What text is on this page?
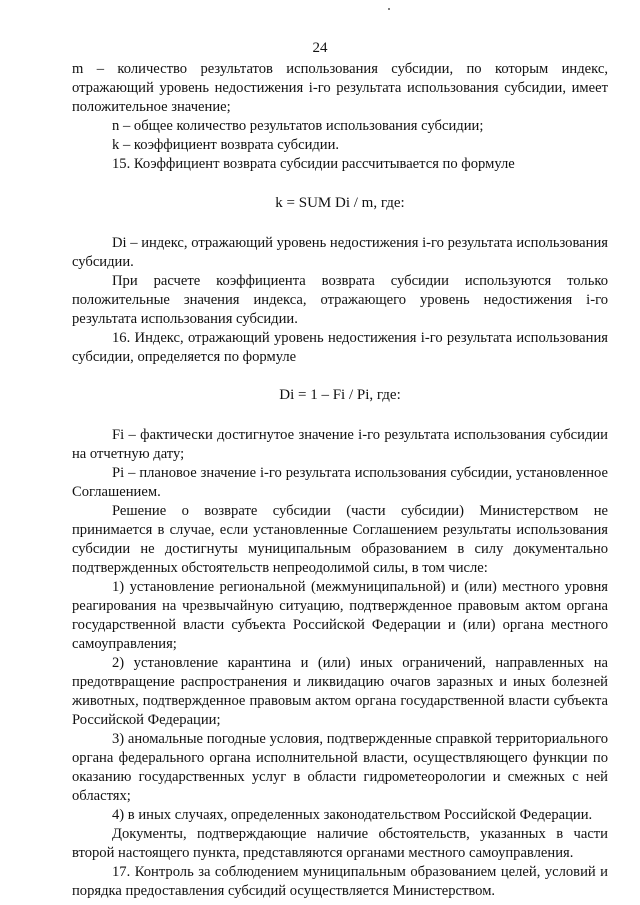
24

m – количество результатов использования субсидии, по которым индекс, отражающий уровень недостижения i-го результата использования субсидии, имеет положительное значение;

n – общее количество результатов использования субсидии;

k – коэффициент возврата субсидии.

15. Коэффициент возврата субсидии рассчитывается по формуле

k = SUM Di / m, где:

Di – индекс, отражающий уровень недостижения i-го результата использования субсидии.

При расчете коэффициента возврата субсидии используются только положительные значения индекса, отражающего уровень недостижения i-го результата использования субсидии.

16. Индекс, отражающий уровень недостижения i-го результата использования субсидии, определяется по формуле

Di = 1 – Fi / Pi, где:

Fi – фактически достигнутое значение i-го результата использования субсидии на отчетную дату;

Pi – плановое значение i-го результата использования субсидии, установленное Соглашением.

Решение о возврате субсидии (части субсидии) Министерством не принимается в случае, если установленные Соглашением результаты использования субсидии не достигнуты муниципальным образованием в силу документально подтвержденных обстоятельств непреодолимой силы, в том числе:

1) установление региональной (межмуниципальной) и (или) местного уровня реагирования на чрезвычайную ситуацию, подтвержденное правовым актом органа государственной власти субъекта Российской Федерации и (или) органа местного самоуправления;

2) установление карантина и (или) иных ограничений, направленных на предотвращение распространения и ликвидацию очагов заразных и иных болезней животных, подтвержденное правовым актом органа государственной власти субъекта Российской Федерации;

3) аномальные погодные условия, подтвержденные справкой территориального органа федерального органа исполнительной власти, осуществляющего функции по оказанию государственных услуг в области гидрометеорологии и смежных с ней областях;

4) в иных случаях, определенных законодательством Российской Федерации.

Документы, подтверждающие наличие обстоятельств, указанных в части второй настоящего пункта, представляются органами местного самоуправления.

17. Контроль за соблюдением муниципальным образованием целей, условий и порядка предоставления субсидий осуществляется Министерством.
